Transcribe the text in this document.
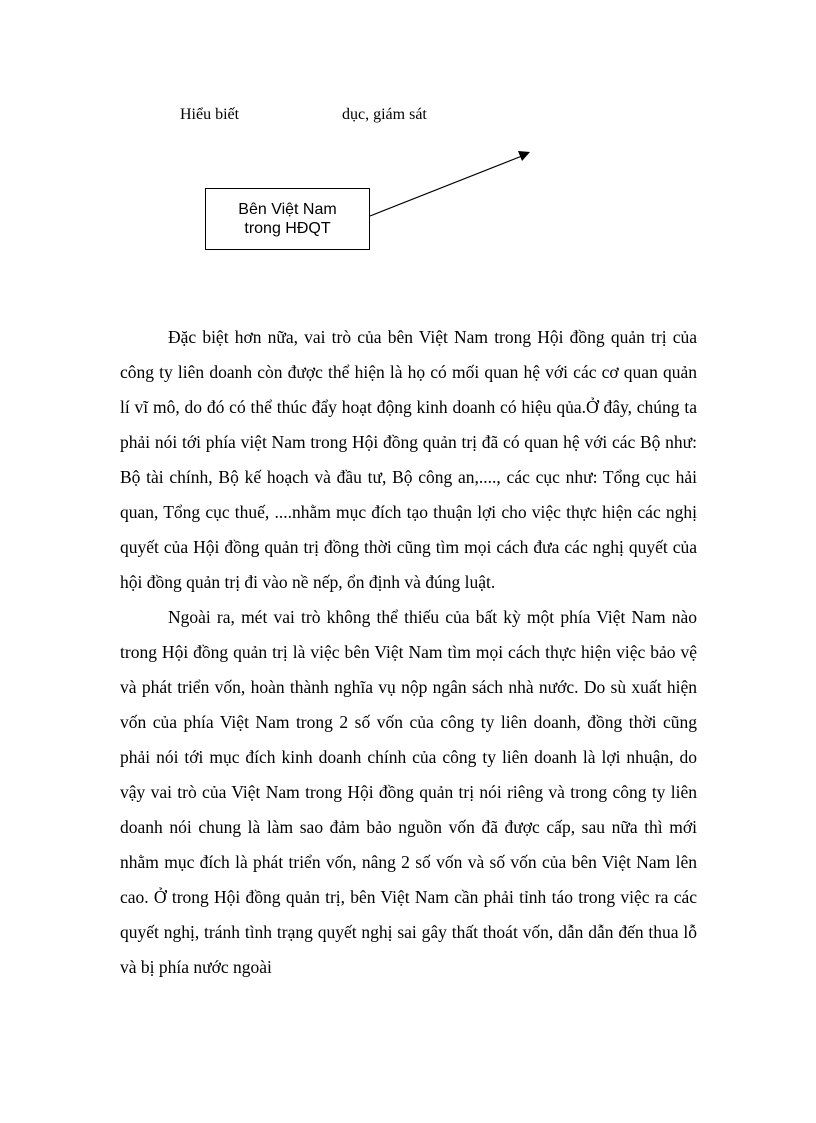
Hiểu biết	dục, giám sát
Bên Việt Nam
trong HĐQT

Đặc biệt hơn nữa, vai trò của bên Việt Nam trong Hội đồng quản trị của công ty liên doanh còn được thể hiện là họ có mối quan hệ với các cơ quan quản lí vĩ mô, do đó có thể thúc đẩy hoạt động kinh doanh có hiệu qủa.Ở đây, chúng ta phải nói tới phía việt Nam trong Hội đồng quản trị đã có quan hệ với các Bộ như: Bộ tài chính, Bộ kế hoạch và đầu tư, Bộ công an,...., các cục như: Tổng cục hải quan, Tổng cục thuế, ....nhằm mục đích tạo thuận lợi cho việc thực hiện các nghị quyết của Hội đồng quản trị đồng thời cũng tìm mọi cách đưa các nghị quyết của hội đồng quản trị đi vào nề nếp, ổn định và đúng luật.

Ngoài ra, mét vai trò không thể thiếu của bất kỳ một phía Việt Nam nào trong Hội đồng quản trị là việc bên Việt Nam tìm mọi cách thực hiện việc bảo vệ và phát triển vốn, hoàn thành nghĩa vụ nộp ngân sách nhà nước. Do sù xuất hiện vốn của phía Việt Nam trong 2 số vốn của công ty liên doanh, đồng thời cũng phải nói tới mục đích kinh doanh chính của công ty liên doanh là lợi nhuận, do vậy vai trò của Việt Nam trong Hội đồng quản trị nói riêng và trong công ty liên doanh nói chung là làm sao đảm bảo nguồn vốn đã được cấp, sau nữa thì mới nhằm mục đích là phát triển vốn, nâng 2 số vốn và số vốn của bên Việt Nam lên cao. Ở trong Hội đồng quản trị, bên Việt Nam cần phải tỉnh táo trong việc ra các quyết nghị, tránh tình trạng quyết nghị sai gây thất thoát vốn, dẫn dẫn đến thua lỗ và bị phía nước ngoài
